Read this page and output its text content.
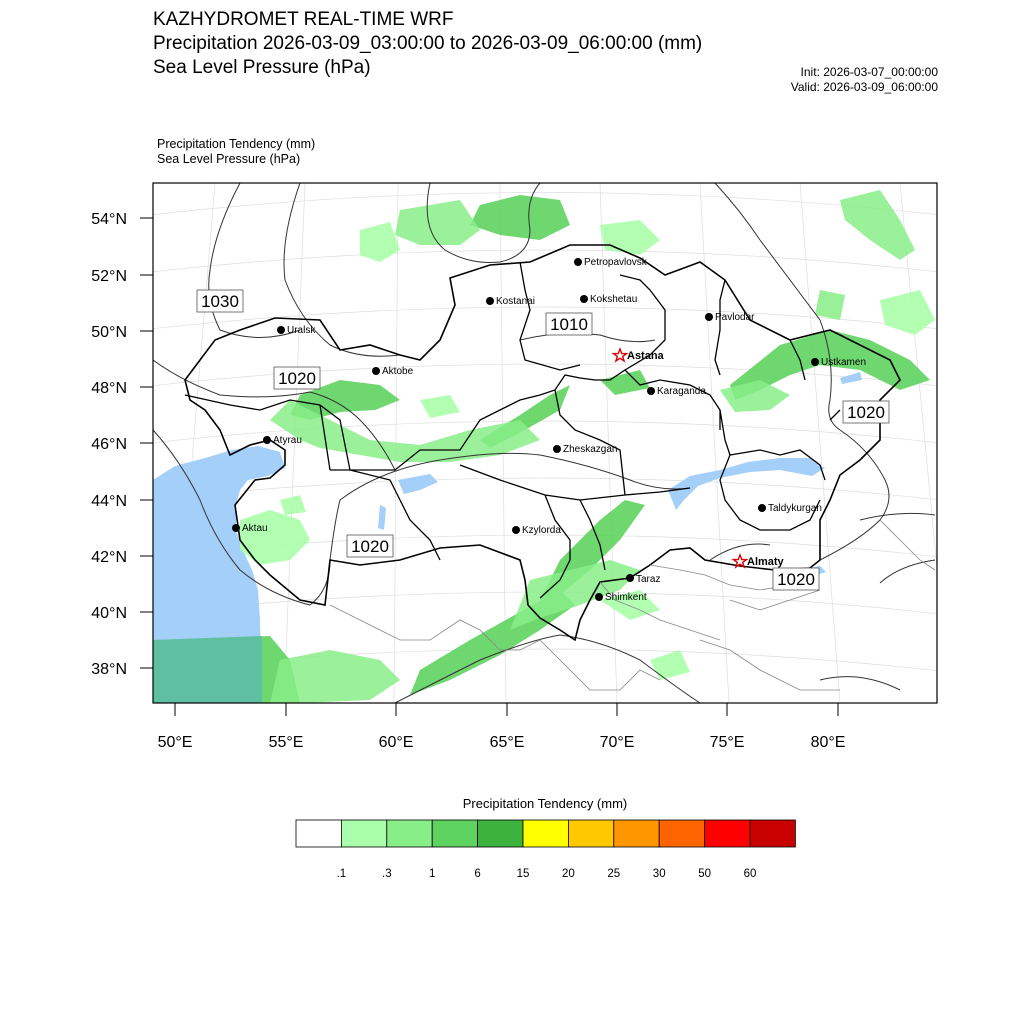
KAZHYDROMET REAL-TIME WRF
Precipitation 2026-03-09_03:00:00 to 2026-03-09_06:00:00 (mm)
Sea Level Pressure (hPa)	Init: 2026-03-07_00:00:00
Valid: 2026-03-09_06:00:00
Precipitation Tendency (mm)
Sea Level Pressure (hPa)
54°N
52°N
50°N
48°N
46°N
44°N
42°N
40°N
38°N
50°E	55°E	60°E	65°E	70°E	75°E	80°E
1030
1020
1010
1020
1020
1020
Petropavlovsk
Kostanai	Kokshetau
Uralsk
Pavlodar
Astana
Aktobe
Karaganda
Ustkamen
Atyrau
Zheskazgan
Aktau	Kzylorda
Taldykurgan
Almaty
Taraz
Shimkent
Precipitation Tendency (mm)
.1	.3	1	6	15	20	25	30	50	60
